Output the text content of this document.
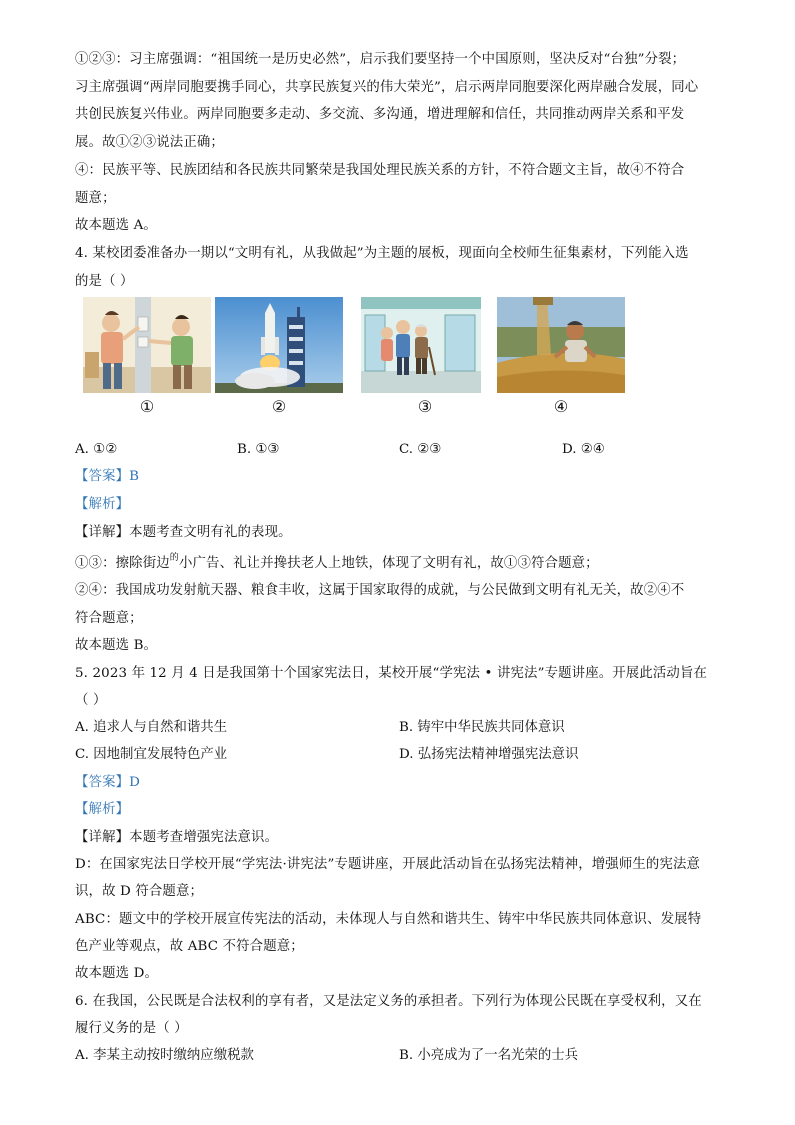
①②③：习主席强调：“祖国统一是历史必然”，启示我们要坚持一个中国原则，坚决反对“台独”分裂；
习主席强调“两岸同胞要携手同心，共享民族复兴的伟大荣光”，启示两岸同胞要深化两岸融合发展，同心
共创民族复兴伟业。两岸同胞要多走动、多交流、多沟通，增进理解和信任，共同推动两岸关系和平发
展。故①②③说法正确；
④：民族平等、民族团结和各民族共同繁荣是我国处理民族关系的方针，不符合题文主旨，故④不符合
题意；
故本题选 A。
4. 某校团委准备办一期以“文明有礼，从我做起”为主题的展板，现面向全校师生征集素材，下列能入选
的是（ ）
①	②	③	④
A. ①②	B. ①③	C. ②③	D. ②④
【答案】B
【解析】
【详解】本题考查文明有礼的表现。
①③：擦除街边$^的$小广告、礼让并搀扶老人上地铁，体现了文明有礼，故①③符合题意；
②④：我国成功发射航天器、粮食丰收，这属于国家取得的成就，与公民做到文明有礼无关，故②④不
符合题意；
故本题选 B。
5. 2023 年 12 月 4 日是我国第十个国家宪法日，某校开展“学宪法 • 讲宪法”专题讲座。开展此活动旨在
（ ）
A. 追求人与自然和谐共生	B. 铸牢中华民族共同体意识
C. 因地制宜发展特色产业	D. 弘扬宪法精神增强宪法意识
【答案】D
【解析】
【详解】本题考查增强宪法意识。
D：在国家宪法日学校开展“学宪法·讲宪法”专题讲座，开展此活动旨在弘扬宪法精神，增强师生的宪法意
识，故 D 符合题意；
ABC：题文中的学校开展宣传宪法的活动，未体现人与自然和谐共生、铸牢中华民族共同体意识、发展特
色产业等观点，故 ABC 不符合题意；
故本题选 D。
6. 在我国，公民既是合法权利的享有者，又是法定义务的承担者。下列行为体现公民既在享受权利，又在
履行义务的是（ ）
A. 李某主动按时缴纳应缴税款	B. 小亮成为了一名光荣的士兵
